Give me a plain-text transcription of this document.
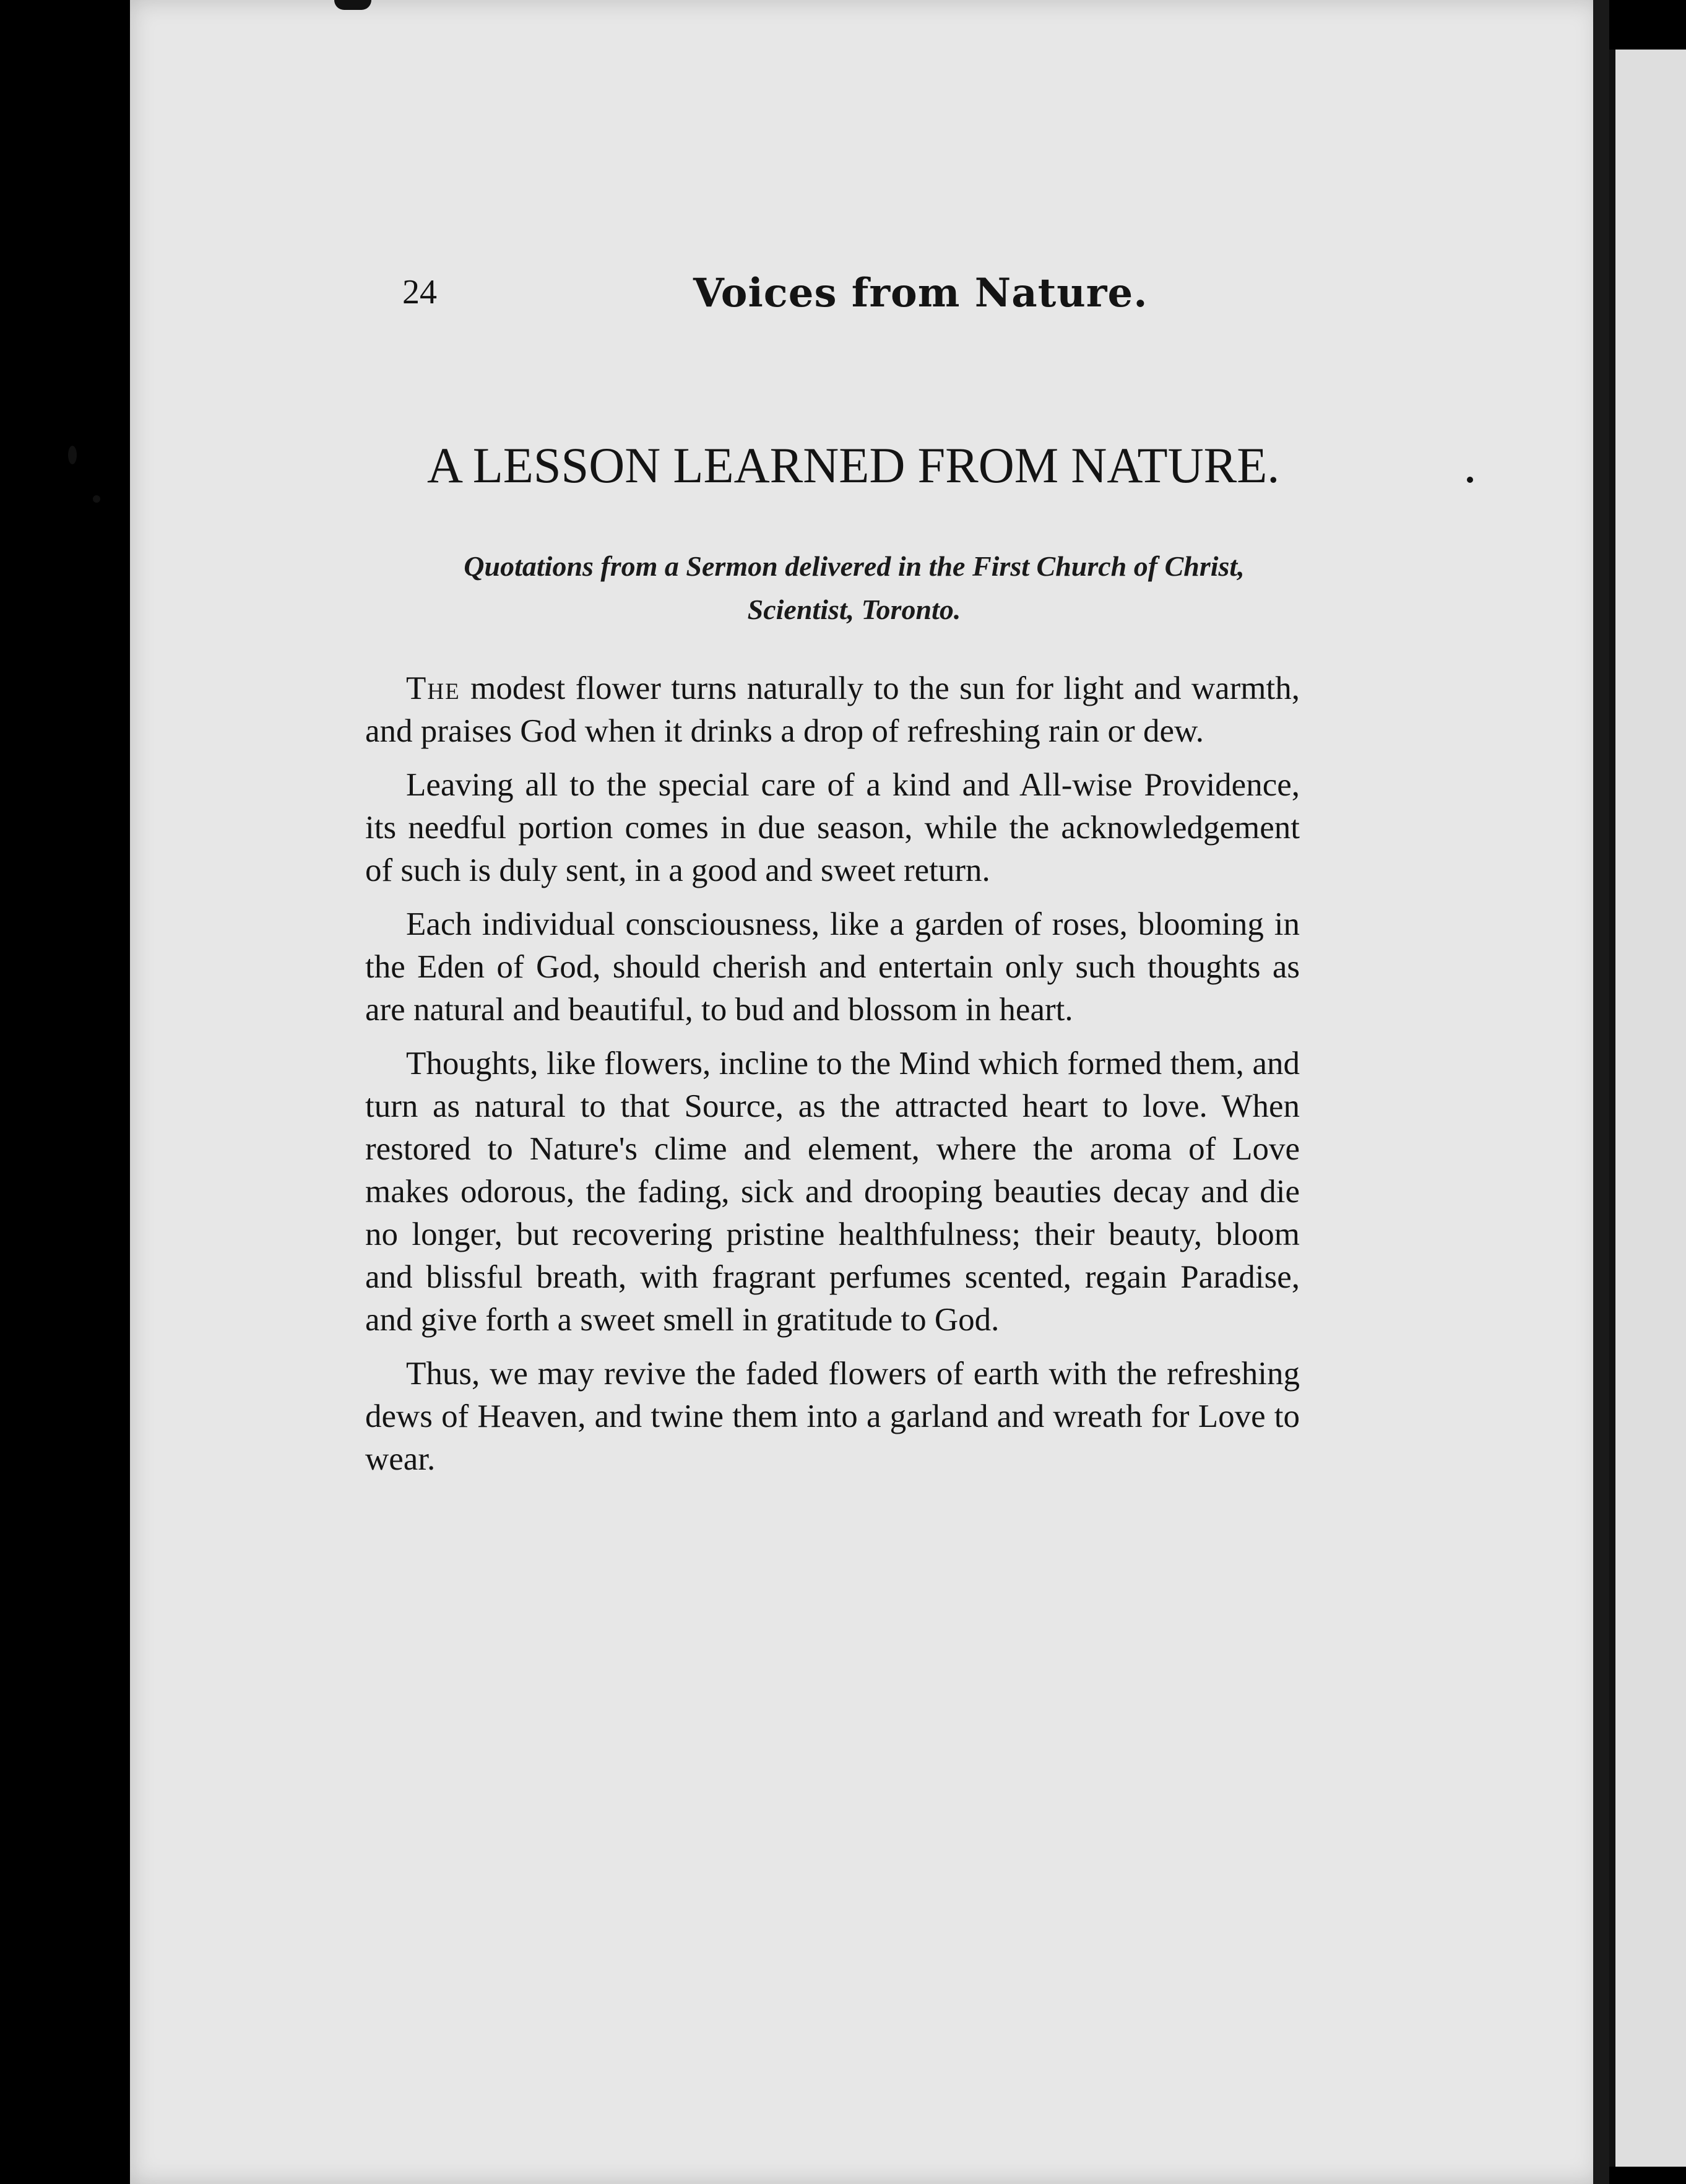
24	Voices from Nature.
A LESSON LEARNED FROM NATURE.
Quotations from a Sermon delivered in the First Church of Christ,
Scientist, Toronto.

The modest flower turns naturally to the sun for light and warmth, and praises God when it drinks a drop of refreshing rain or dew.

Leaving all to the special care of a kind and All-wise Providence, its needful portion comes in due season, while the acknowledgement of such is duly sent, in a good and sweet return.

Each individual consciousness, like a garden of roses, blooming in the Eden of God, should cherish and entertain only such thoughts as are natural and beautiful, to bud and blossom in heart.

Thoughts, like flowers, incline to the Mind which formed them, and turn as natural to that Source, as the attracted heart to love. When restored to Nature's clime and element, where the aroma of Love makes odorous, the fading, sick and drooping beauties decay and die no longer, but recovering pristine healthfulness; their beauty, bloom and blissful breath, with fragrant perfumes scented, regain Paradise, and give forth a sweet smell in gratitude to God.

Thus, we may revive the faded flowers of earth with the refreshing dews of Heaven, and twine them into a garland and wreath for Love to wear.
